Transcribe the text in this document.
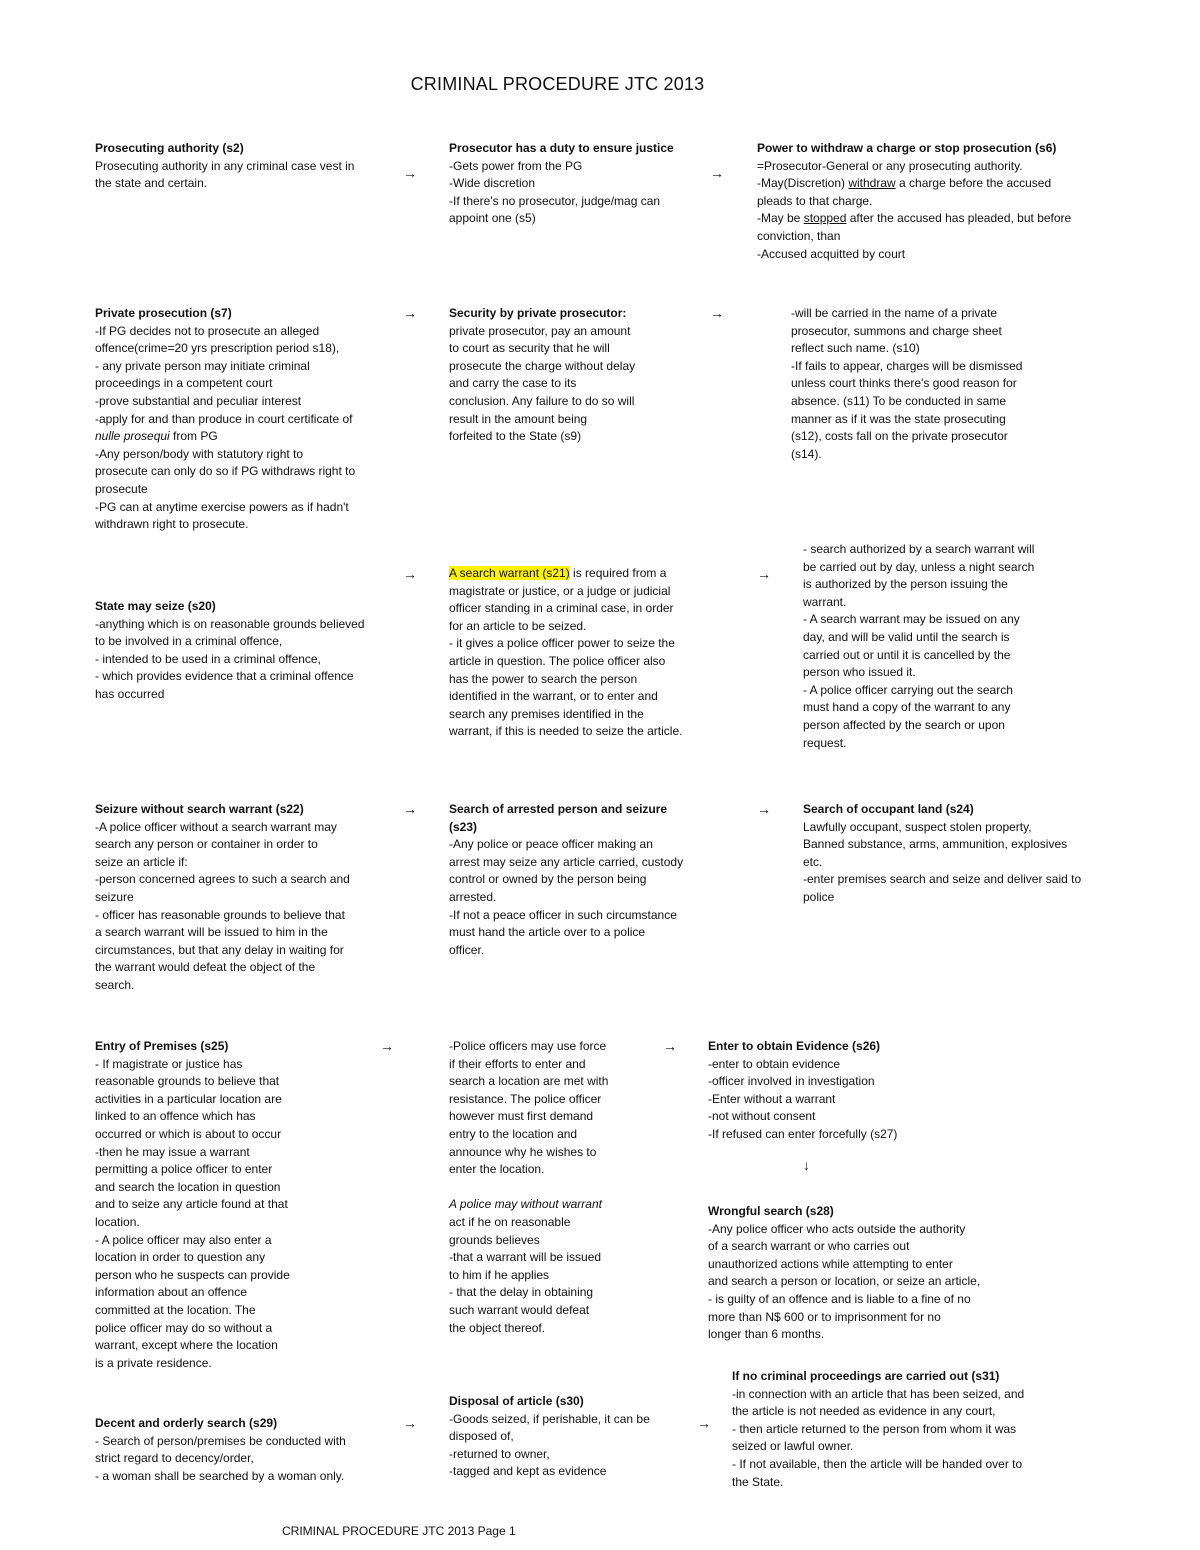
CRIMINAL PROCEDURE JTC 2013
Prosecuting authority (s2)
Prosecuting authority in any criminal case vest in
the state and certain.
→
Prosecutor has a duty to ensure justice
-Gets power from the PG
-Wide discretion
-If there's no prosecutor, judge/mag can
appoint one (s5)
→
Power to withdraw a charge or stop prosecution (s6)
=Prosecutor-General or any prosecuting authority.
-May(Discretion) withdraw a charge before the accused
pleads to that charge.
-May be stopped after the accused has pleaded, but before
conviction, than
-Accused acquitted by court
Private prosecution (s7)
-If PG decides not to prosecute an alleged
offence(crime=20 yrs prescription period s18),
- any private person may initiate criminal
proceedings in a competent court
-prove substantial and peculiar interest
-apply for and than produce in court certificate of
nulle prosequi from PG
-Any person/body with statutory right to
prosecute can only do so if PG withdraws right to
prosecute
-PG can at anytime exercise powers as if hadn't
withdrawn right to prosecute.
→	Security by private prosecutor:
private prosecutor, pay an amount
to court as security that he will
prosecute the charge without delay
and carry the case to its
conclusion. Any failure to do so will
result in the amount being
forfeited to the State (s9)
→	-will be carried in the name of a private
prosecutor, summons and charge sheet
reflect such name. (s10)
-If fails to appear, charges will be dismissed
unless court thinks there's good reason for
absence. (s11) To be conducted in same
manner as if it was the state prosecuting
(s12), costs fall on the private prosecutor
(s14).
→
State may seize (s20)
-anything which is on reasonable grounds believed
to be involved in a criminal offence,
- intended to be used in a criminal offence,
- which provides evidence that a criminal offence
has occurred
A search warrant (s21) is required from a
magistrate or justice, or a judge or judicial
officer standing in a criminal case, in order
for an article to be seized.
- it gives a police officer power to seize the
article in question. The police officer also
has the power to search the person
identified in the warrant, or to enter and
search any premises identified in the
warrant, if this is needed to seize the article.
→
- search authorized by a search warrant will
be carried out by day, unless a night search
is authorized by the person issuing the
warrant.
- A search warrant may be issued on any
day, and will be valid until the search is
carried out or until it is cancelled by the
person who issued it.
- A police officer carrying out the search
must hand a copy of the warrant to any
person affected by the search or upon
request.
Seizure without search warrant (s22)
-A police officer without a search warrant may
search any person or container in order to
seize an article if:
-person concerned agrees to such a search and
seizure
- officer has reasonable grounds to believe that
a search warrant will be issued to him in the
circumstances, but that any delay in waiting for
the warrant would defeat the object of the
search.
→	Search of arrested person and seizure
(s23)
-Any police or peace officer making an
arrest may seize any article carried, custody
control or owned by the person being
arrested.
-If not a peace officer in such circumstance
must hand the article over to a police
officer.
→	Search of occupant land (s24)
Lawfully occupant, suspect stolen property,
Banned substance, arms, ammunition, explosives
etc.
-enter premises search and seize and deliver said to
police
Entry of Premises (s25)
- If magistrate or justice has
reasonable grounds to believe that
activities in a particular location are
linked to an offence which has
occurred or which is about to occur
-then he may issue a warrant
permitting a police officer to enter
and search the location in question
and to seize any article found at that
location.
- A police officer may also enter a
location in order to question any
person who he suspects can provide
information about an offence
committed at the location. The
police officer may do so without a
warrant, except where the location
is a private residence.
→	-Police officers may use force
if their efforts to enter and
search a location are met with
resistance. The police officer
however must first demand
entry to the location and
announce why he wishes to
enter the location.
A police may without warrant
act if he on reasonable
grounds believes
-that a warrant will be issued
to him if he applies
- that the delay in obtaining
such warrant would defeat
the object thereof.
→	Enter to obtain Evidence (s26)
-enter to obtain evidence
-officer involved in investigation
-Enter without a warrant
-not without consent
-If refused can enter forcefully (s27)
↓
Wrongful search (s28)
-Any police officer who acts outside the authority
of a search warrant or who carries out
unauthorized actions while attempting to enter
and search a person or location, or seize an article,
- is guilty of an offence and is liable to a fine of no
more than N$ 600 or to imprisonment for no
longer than 6 months.
Decent and orderly search (s29)
- Search of person/premises be conducted with
strict regard to decency/order,
- a woman shall be searched by a woman only.
→
Disposal of article (s30)
-Goods seized, if perishable, it can be
disposed of,
-returned to owner,
-tagged and kept as evidence
→
If no criminal proceedings are carried out (s31)
-in connection with an article that has been seized, and
the article is not needed as evidence in any court,
- then article returned to the person from whom it was
seized or lawful owner.
- If not available, then the article will be handed over to
the State.
CRIMINAL PROCEDURE JTC 2013 Page 1
